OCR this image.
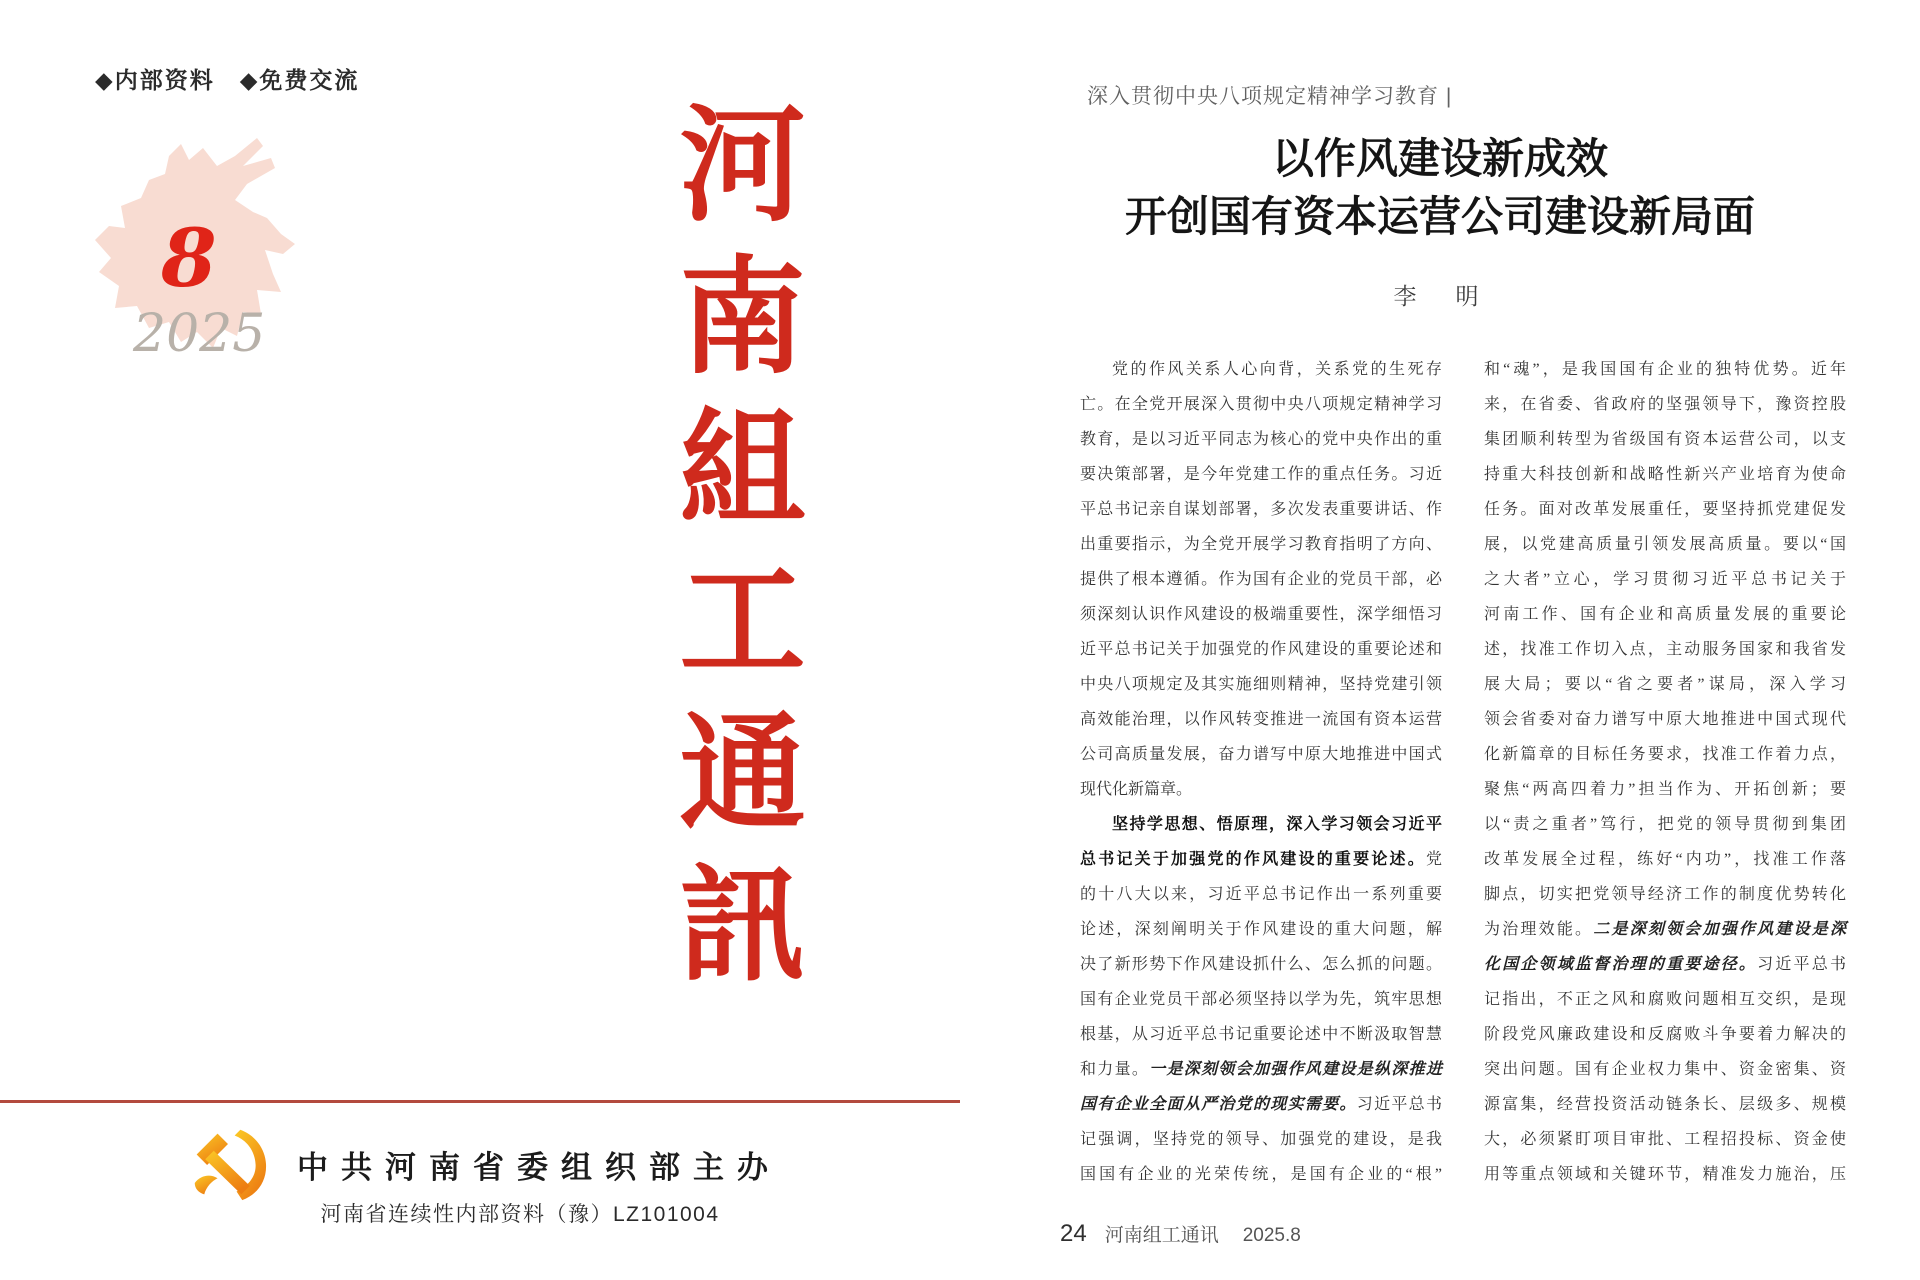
◆内部资料　◆免费交流
8
2025
河
南
組
工
通
訊
中共河南省委组织部主办
河南省连续性内部资料（豫）LZ101004
深入贯彻中央八项规定精神学习教育 |
以作风建设新成效
开创国有资本运营公司建设新局面
李　明
党的作风关系人心向背，关系党的生死存
亡。在全党开展深入贯彻中央八项规定精神学习
教育，是以习近平同志为核心的党中央作出的重
要决策部署，是今年党建工作的重点任务。习近
平总书记亲自谋划部署，多次发表重要讲话、作
出重要指示，为全党开展学习教育指明了方向、
提供了根本遵循。作为国有企业的党员干部，必
须深刻认识作风建设的极端重要性，深学细悟习
近平总书记关于加强党的作风建设的重要论述和
中央八项规定及其实施细则精神，坚持党建引领
高效能治理，以作风转变推进一流国有资本运营
公司高质量发展，奋力谱写中原大地推进中国式
现代化新篇章。
坚持学思想、悟原理，深入学习领会习近平
总书记关于加强党的作风建设的重要论述。党
的十八大以来，习近平总书记作出一系列重要
论述，深刻阐明关于作风建设的重大问题，解
决了新形势下作风建设抓什么、怎么抓的问题。
国有企业党员干部必须坚持以学为先，筑牢思想
根基，从习近平总书记重要论述中不断汲取智慧
和力量。一是深刻领会加强作风建设是纵深推进
国有企业全面从严治党的现实需要。习近平总书
记强调，坚持党的领导、加强党的建设，是我
国国有企业的光荣传统，是国有企业的“根”
和“魂”，是我国国有企业的独特优势。近年
来，在省委、省政府的坚强领导下，豫资控股
集团顺利转型为省级国有资本运营公司，以支
持重大科技创新和战略性新兴产业培育为使命
任务。面对改革发展重任，要坚持抓党建促发
展，以党建高质量引领发展高质量。要以“国
之大者”立心，学习贯彻习近平总书记关于
河南工作、国有企业和高质量发展的重要论
述，找准工作切入点，主动服务国家和我省发
展大局；要以“省之要者”谋局，深入学习
领会省委对奋力谱写中原大地推进中国式现代
化新篇章的目标任务要求，找准工作着力点，
聚焦“两高四着力”担当作为、开拓创新；要
以“责之重者”笃行，把党的领导贯彻到集团
改革发展全过程，练好“内功”，找准工作落
脚点，切实把党领导经济工作的制度优势转化
为治理效能。二是深刻领会加强作风建设是深
化国企领域监督治理的重要途径。习近平总书
记指出，不正之风和腐败问题相互交织，是现
阶段党风廉政建设和反腐败斗争要着力解决的
突出问题。国有企业权力集中、资金密集、资
源富集，经营投资活动链条长、层级多、规模
大，必须紧盯项目审批、工程招投标、资金使
用等重点领域和关键环节，精准发力施治，压
24 河南组工通讯 2025.8
